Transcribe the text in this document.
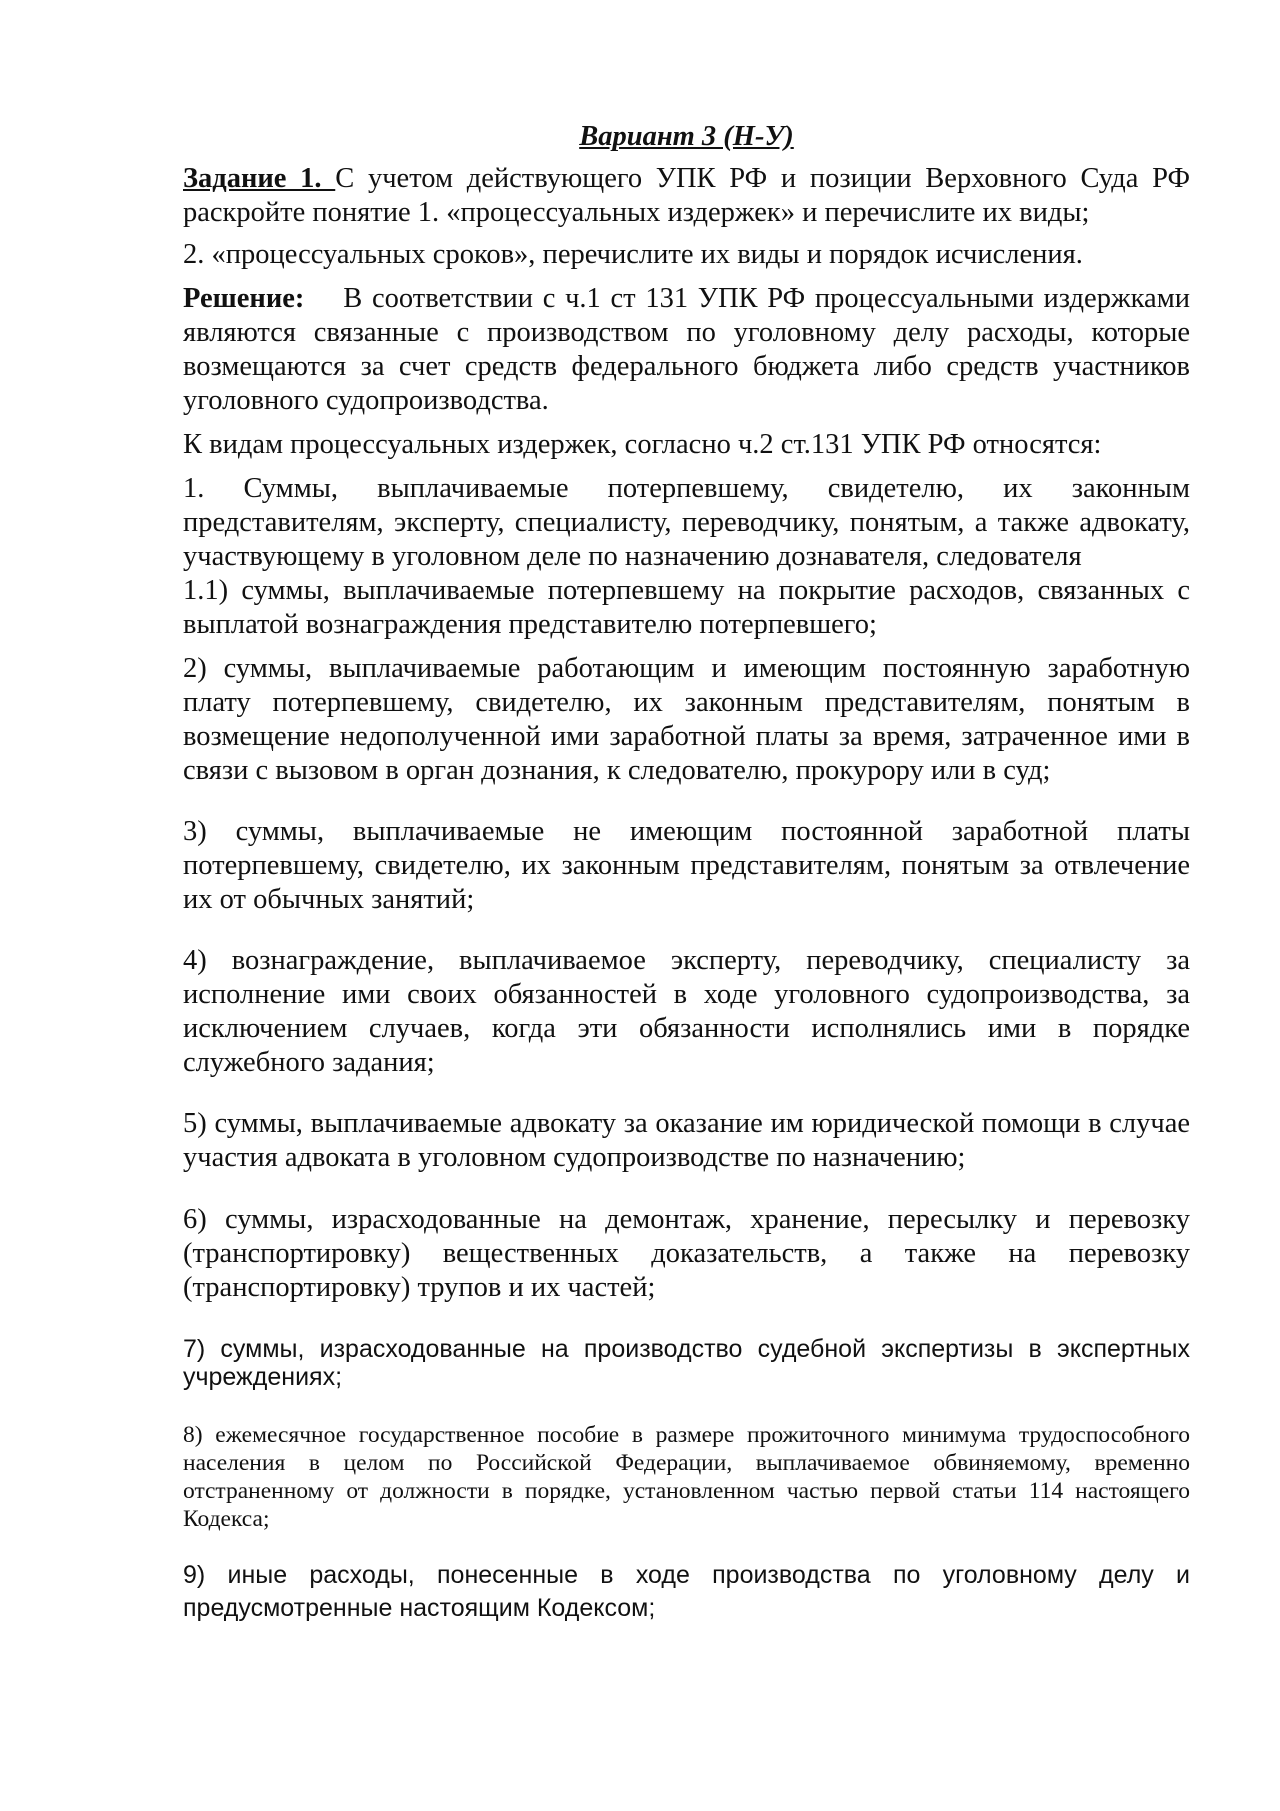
Вариант 3 (Н-У)

Задание 1. С учетом действующего УПК РФ и позиции Верховного Суда РФ раскройте понятие 1. «процессуальных издержек» и перечислите их виды;

2. «процессуальных сроков», перечислите их виды и порядок исчисления.

Решение: В соответствии с ч.1 ст 131 УПК РФ процессуальными издержками являются связанные с производством по уголовному делу расходы, которые возмещаются за счет средств федерального бюджета либо средств участников уголовного судопроизводства.

К видам процессуальных издержек, согласно ч.2 ст.131 УПК РФ относятся:

1. Суммы, выплачиваемые потерпевшему, свидетелю, их законным представителям, эксперту, специалисту, переводчику, понятым, а также адвокату, участвующему в уголовном деле по назначению дознавателя, следователя

1.1) суммы, выплачиваемые потерпевшему на покрытие расходов, связанных с выплатой вознаграждения представителю потерпевшего;

2) суммы, выплачиваемые работающим и имеющим постоянную заработную плату потерпевшему, свидетелю, их законным представителям, понятым в возмещение недополученной ими заработной платы за время, затраченное ими в связи с вызовом в орган дознания, к следователю, прокурору или в суд;

3) суммы, выплачиваемые не имеющим постоянной заработной платы потерпевшему, свидетелю, их законным представителям, понятым за отвлечение их от обычных занятий;

4) вознаграждение, выплачиваемое эксперту, переводчику, специалисту за исполнение ими своих обязанностей в ходе уголовного судопроизводства, за исключением случаев, когда эти обязанности исполнялись ими в порядке служебного задания;

5) суммы, выплачиваемые адвокату за оказание им юридической помощи в случае участия адвоката в уголовном судопроизводстве по назначению;

6) суммы, израсходованные на демонтаж, хранение, пересылку и перевозку (транспортировку) вещественных доказательств, а также на перевозку (транспортировку) трупов и их частей;

7) суммы, израсходованные на производство судебной экспертизы в экспертных учреждениях;

8) ежемесячное государственное пособие в размере прожиточного минимума трудоспособного населения в целом по Российской Федерации, выплачиваемое обвиняемому, временно отстраненному от должности в порядке, установленном частью первой статьи 114 настоящего Кодекса;

9) иные расходы, понесенные в ходе производства по уголовному делу и предусмотренные настоящим Кодексом;
